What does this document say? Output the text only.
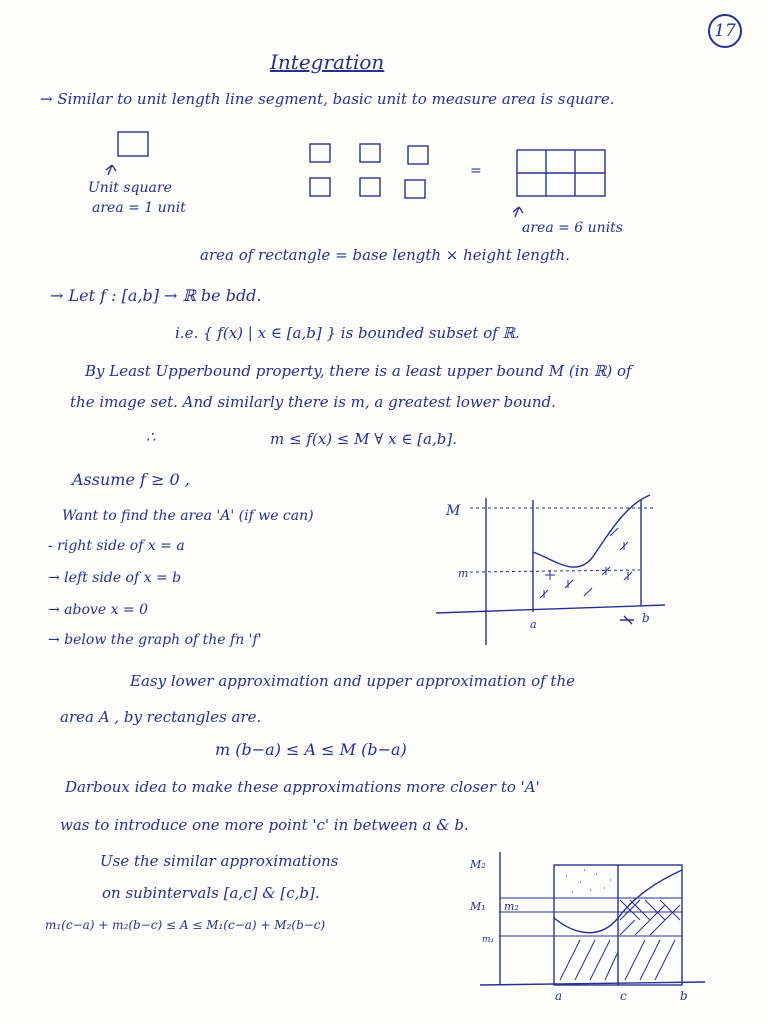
17
Integration
→ Similar to unit length line segment, basic unit to measure area is square.
=
Unit square
area = 1 unit
area = 6 units
area of rectangle = base length × height length.
→ Let f : [a,b] → ℝ be bdd.
i.e. { f(x) | x ∈ [a,b] } is bounded subset of ℝ.
By Least Upperbound property, there is a least upper bound M (in ℝ) of
the image set. And similarly there is m, a greatest lower bound.
∴	m ≤ f(x) ≤ M ∀ x ∈ [a,b].
Assume f ≥ 0 ,
Want to find the area 'A' (if we can)
- right side of x = a
→ left side of x = b
→ above x = 0
→ below the graph of the fn 'f'
M
m
a	b
Easy lower approximation and upper approximation of the
area A , by rectangles are.
m (b−a) ≤ A ≤ M (b−a)
Darboux idea to make these approximations more closer to 'A'
was to introduce one more point 'c' in between a & b.
Use the similar approximations
on subintervals [a,c] & [c,b].
m₁(c−a) + m₂(b−c) ≤ A ≤ M₁(c−a) + M₂(b−c)
M₂
M₁ m₂
m₁
a	c	b
